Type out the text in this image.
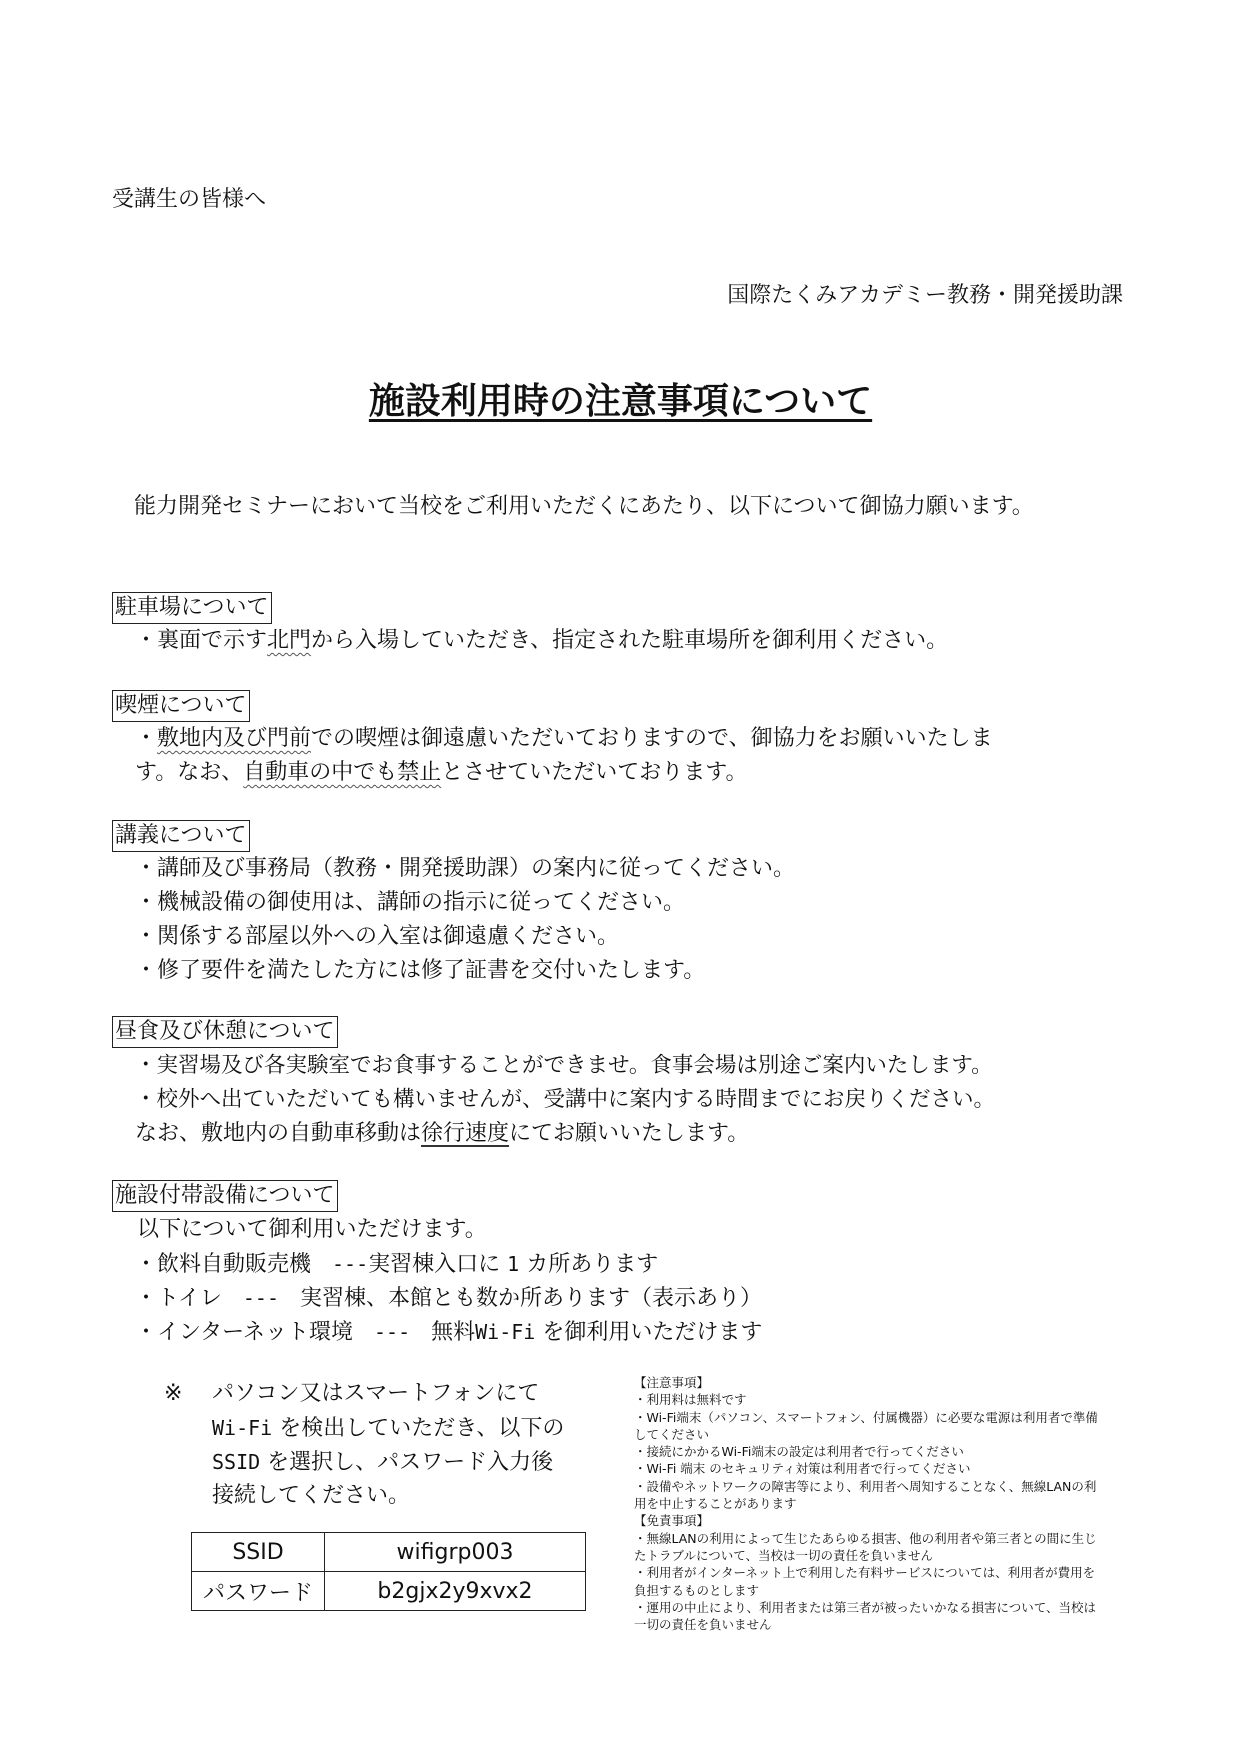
受講生の皆様へ
国際たくみアカデミー教務・開発援助課
施設利用時の注意事項について
能力開発セミナーにおいて当校をご利用いただくにあたり、以下について御協力願います。
駐車場について
・裏面で示す北門から入場していただき、指定された駐車場所を御利用ください。
喫煙について
・敷地内及び門前での喫煙は御遠慮いただいておりますので、御協力をお願いいたしま
す。なお、自動車の中でも禁止とさせていただいております。
講義について
・講師及び事務局（教務・開発援助課）の案内に従ってください。
・機械設備の御使用は、講師の指示に従ってください。
・関係する部屋以外への入室は御遠慮ください。
・修了要件を満たした方には修了証書を交付いたします。
昼食及び休憩について
・実習場及び各実験室でお食事することができませ。食事会場は別途ご案内いたします。
・校外へ出ていただいても構いませんが、受講中に案内する時間までにお戻りください。
なお、敷地内の自動車移動は徐行速度にてお願いいたします。
施設付帯設備について
以下について御利用いただけます。
・飲料自動販売機 ---実習棟入口に 1 カ所あります
・トイレ --- 実習棟、本館とも数か所あります（表示あり）
・インターネット環境 --- 無料Wi-Fi を御利用いただけます
※ パソコン又はスマートフォンにて
Wi-Fi を検出していただき、以下の
SSID を選択し、パスワード入力後
接続してください。
SSID	wifigrp003
パスワード	b2gjx2y9xvx2
【注意事項】
・利用料は無料です
・Wi-Fi端末（パソコン、スマートフォン、付属機器）に必要な電源は利用者で準備してください
・接続にかかるWi-Fi端末の設定は利用者で行ってください
・Wi-Fi 端末 のセキュリティ対策は利用者で行ってください
・設備やネットワークの障害等により、利用者へ周知することなく、無線LANの利用を中止することがあります
【免責事項】
・無線LANの利用によって生じたあらゆる損害、他の利用者や第三者との間に生じたトラブルについて、当校は一切の責任を負いません
・利用者がインターネット上で利用した有料サービスについては、利用者が費用を負担するものとします
・運用の中止により、利用者または第三者が被ったいかなる損害について、当校は一切の責任を負いません
